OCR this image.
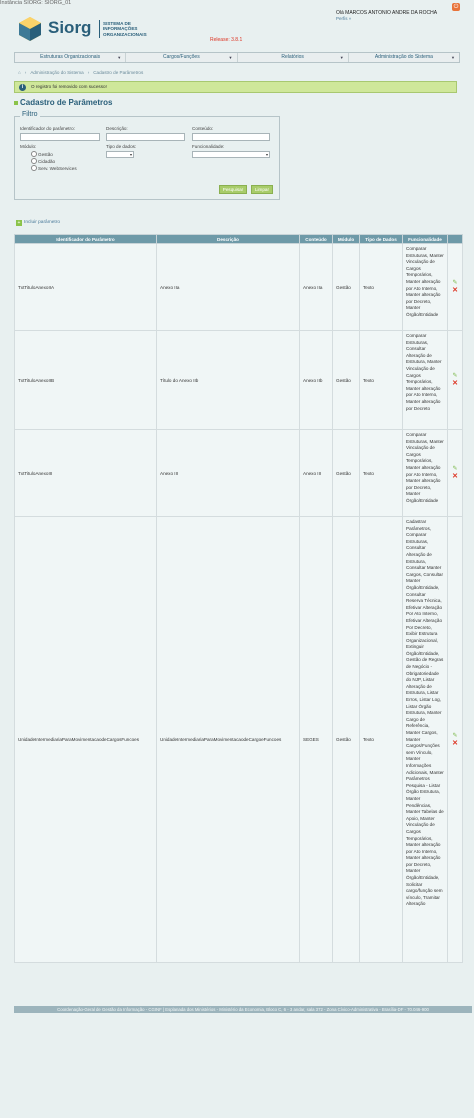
Instância SIORG: SIORG_01
Siorg	SISTEMA DE
INFORMAÇÕES
ORGANIZACIONAIS
Release: 3.8.1
Olá MARCOS ANTONIO ANDRE DA ROCHA
Perfis »
⏻
Estruturas Organizacionais	▼	Cargos/Funções	▼	Relatórios	▼	Administração do Sistema	▼
⌂ › Administração do Sistema › Cadastro de Parâmetros
i	O registro foi removido com sucesso!
Cadastro de Parâmetros
Filtro
Identificador do parâmetro:	Descrição:	Conteúdo:
Módulo:
Gestão
Cidadão
Serv. WebServices
Tipo de dados:
▾
Funcionalidade:
▾
Pesquisar	Limpar
+ Incluir parâmetro
Identificador do Parâmetro	Descrição	Conteúdo	Módulo	Tipo de Dados	Funcionalidade	
TxtTituloAnexoIIA	Anexo IIa	Anexo IIa	Gestão	Texto	Comparar Estruturas, Manter Vinculação de Cargos Temporários, Manter alteração por Ato Interno, Manter alteração por Decreto, Manter Órgão/Entidade	✎
✕

TxtTituloAnexoIIB	Título do Anexo IIb	Anexo IIb	Gestão	Texto	Comparar Estruturas, Consultar Alteração de Estrutura, Manter Vinculação de Cargos Temporários, Manter alteração por Ato Interno, Manter alteração por Decreto	✎
✕

TxtTituloAnexoIII	Anexo III	Anexo III	Gestão	Texto	Comparar Estruturas, Manter Vinculação de Cargos Temporários, Manter alteração por Ato Interno, Manter alteração por Decreto, Manter Órgão/Entidade	✎
✕

UnidadeIntermediariaParaMovimentacaodeCargosFuncoes	UnidadeIntermediariaParaMovimentacaodeCargoeFuncoes	SEGES	Gestão	Texto	Cadastrar Parâmetros, Comparar Estruturas, Consultar Alteração de Estrutura, Consultar Manter Cargos, Consultar Manter Órgão/Entidade, Consultar Reserva Técnica, Efetivar Alteração Por Ato Interno, Efetivar Alteração Por Decreto, Exibir Estrutura Organizacional, Extinguir Órgão/Entidade, Gestão de Regras de Negócio - Obrigatoriedade do NJP, Listar Alteração de Estrutura, Listar Erros, Listar Log, Listar Órgão Estrutura, Manter Cargo de Referência, Manter Cargos, Manter Cargos/Funções sem Vínculo, Manter Informações Adicionais, Manter Parâmetros Pesquisa - Listar Órgão Estrutura, Manter Pendências, Manter Tabelas de Apoio, Manter Vinculação de Cargos Temporários, Manter alteração por Ato Interno, Manter alteração por Decreto, Manter Órgão/Entidade, Solicitar cargo/função sem vínculo, Tramitar Alteração	✎
✕
Coordenação-Geral de Gestão da Informação - CGINF | Esplanada dos Ministérios - Ministério da Economia, Bloco C, 6 - 3 andar, sala 372 - Zona Cívico-Administrativa - Brasília-DF - 70.046-900
